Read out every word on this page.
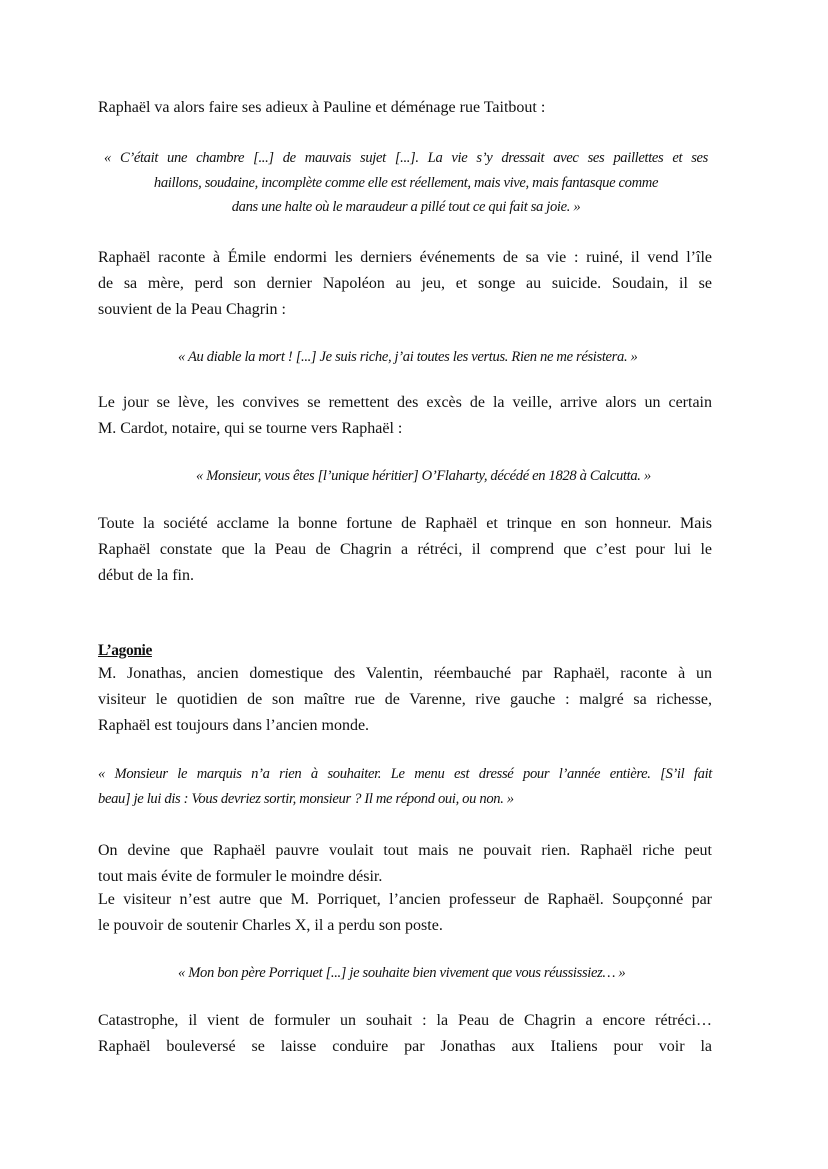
Raphaël va alors faire ses adieux à Pauline et déménage rue Taitbout :
« C’était une chambre [...] de mauvais sujet [...]. La vie s’y dressait avec ses paillettes et ses
haillons, soudaine, incomplète comme elle est réellement, mais vive, mais fantasque comme
dans une halte où le maraudeur a pillé tout ce qui fait sa joie. »
Raphaël raconte à Émile endormi les derniers événements de sa vie : ruiné, il vend l’île
de sa mère, perd son dernier Napoléon au jeu, et songe au suicide. Soudain, il se
souvient de la Peau Chagrin :
« Au diable la mort ! [...] Je suis riche, j’ai toutes les vertus. Rien ne me résistera. »
Le jour se lève, les convives se remettent des excès de la veille, arrive alors un certain
M. Cardot, notaire, qui se tourne vers Raphaël :
« Monsieur, vous êtes [l’unique héritier] O’Flaharty, décédé en 1828 à Calcutta. »
Toute la société acclame la bonne fortune de Raphaël et trinque en son honneur. Mais
Raphaël constate que la Peau de Chagrin a rétréci, il comprend que c’est pour lui le
début de la fin.
L’agonie
M. Jonathas, ancien domestique des Valentin, réembauché par Raphaël, raconte à un
visiteur le quotidien de son maître rue de Varenne, rive gauche : malgré sa richesse,
Raphaël est toujours dans l’ancien monde.
« Monsieur le marquis n’a rien à souhaiter. Le menu est dressé pour l’année entière. [S’il fait
beau] je lui dis : Vous devriez sortir, monsieur ? Il me répond oui, ou non. »
On devine que Raphaël pauvre voulait tout mais ne pouvait rien. Raphaël riche peut
tout mais évite de formuler le moindre désir.
Le visiteur n’est autre que M. Porriquet, l’ancien professeur de Raphaël. Soupçonné par
le pouvoir de soutenir Charles X, il a perdu son poste.
« Mon bon père Porriquet [...] je souhaite bien vivement que vous réussissiez… »
Catastrophe, il vient de formuler un souhait : la Peau de Chagrin a encore rétréci…
Raphaël bouleversé se laisse conduire par Jonathas aux Italiens pour voir la
